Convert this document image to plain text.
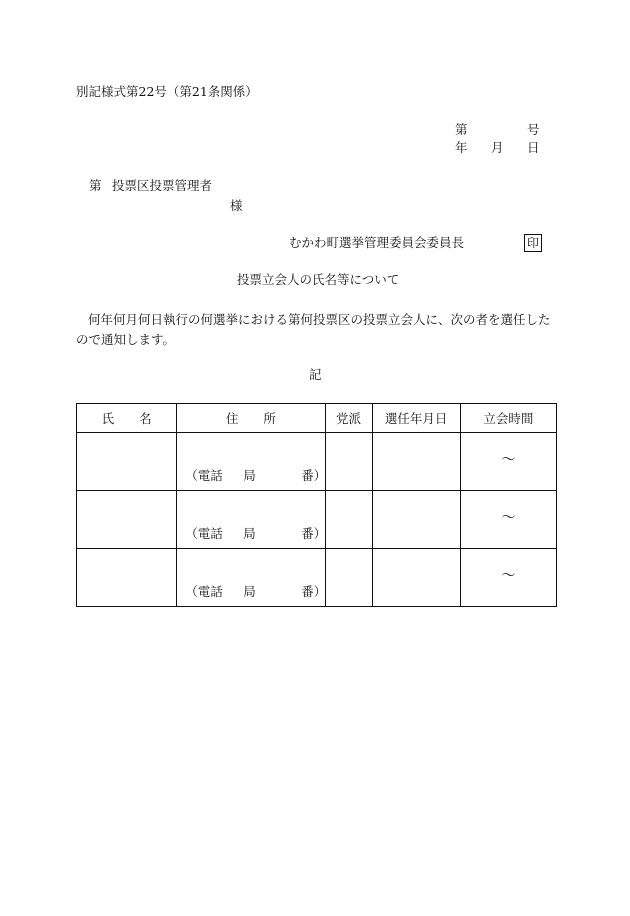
別記様式第22号（第21条関係）
第	号
年 月 日
第 投票区投票管理者
様
むかわ町選挙管理委員会委員長	印
投票立会人の氏名等について
何年何月何日執行の何選挙における第何投票区の投票立会人に、次の者を選任したので通知します。
記
氏　　名	住　　所	党派	選任年月日	立会時間

	（電話 局 番）			～

	（電話 局 番）			～

	（電話 局 番）			～
